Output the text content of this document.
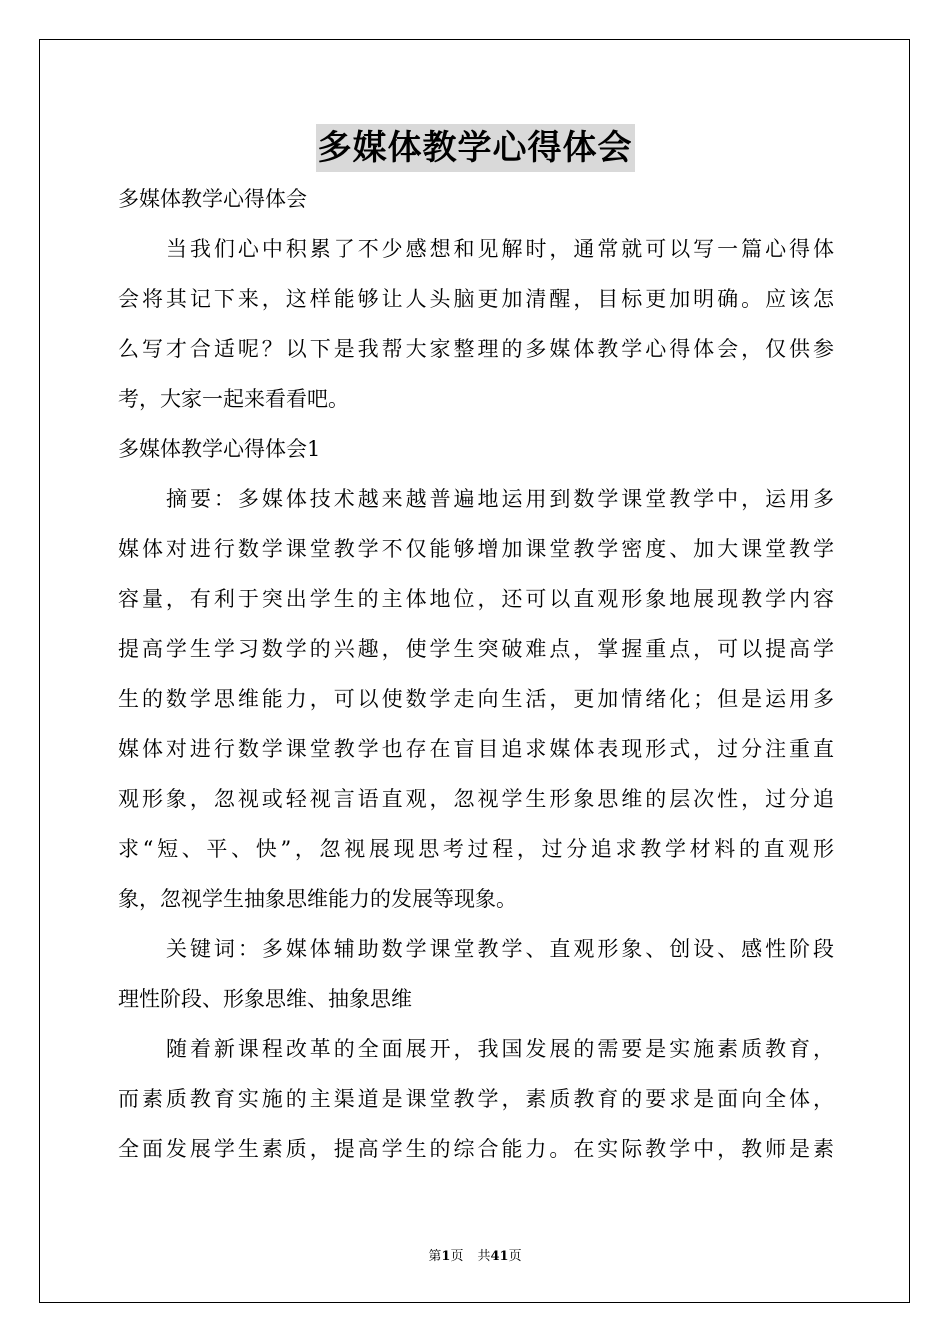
多媒体教学心得体会
多媒体教学心得体会
当我们心中积累了不少感想和见解时，通常就可以写一篇心得体
会将其记下来，这样能够让人头脑更加清醒，目标更加明确。应该怎
么写才合适呢？以下是我帮大家整理的多媒体教学心得体会，仅供参
考，大家一起来看看吧。
多媒体教学心得体会1
摘要：多媒体技术越来越普遍地运用到数学课堂教学中，运用多
媒体对进行数学课堂教学不仅能够增加课堂教学密度、加大课堂教学
容量，有利于突出学生的主体地位，还可以直观形象地展现教学内容
提高学生学习数学的兴趣，使学生突破难点，掌握重点，可以提高学
生的数学思维能力，可以使数学走向生活，更加情绪化；但是运用多
媒体对进行数学课堂教学也存在盲目追求媒体表现形式，过分注重直
观形象，忽视或轻视言语直观，忽视学生形象思维的层次性，过分追
求“短、平、快”，忽视展现思考过程，过分追求教学材料的直观形
象，忽视学生抽象思维能力的发展等现象。
关键词：多媒体辅助数学课堂教学、直观形象、创设、感性阶段
理性阶段、形象思维、抽象思维
随着新课程改革的全面展开，我国发展的需要是实施素质教育，
而素质教育实施的主渠道是课堂教学，素质教育的要求是面向全体，
全面发展学生素质，提高学生的综合能力。在实际教学中，教师是素
第1页 共41页
